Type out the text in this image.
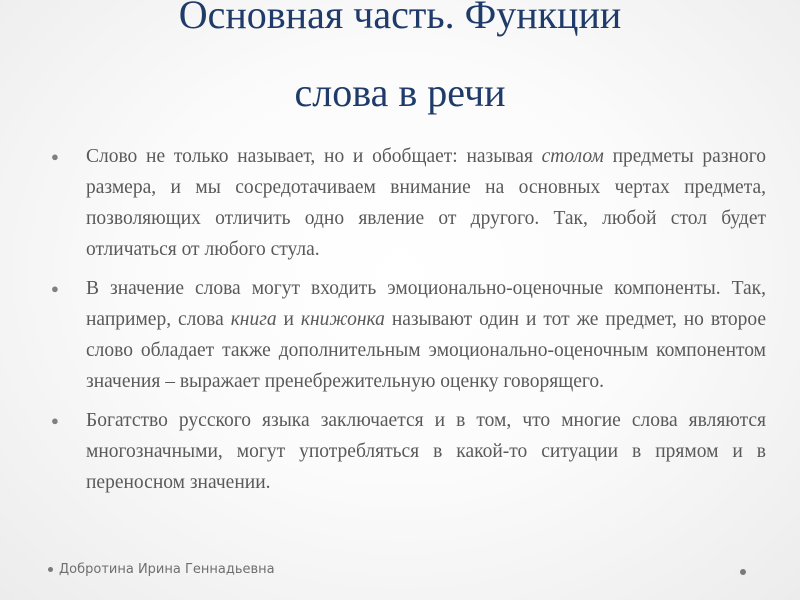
Основная часть. Функции
слова в речи
● Слово не только называет, но и обобщает: называя столом предметы разного размера, и мы сосредотачиваем внимание на основных чертах предмета, позволяющих отличить одно явление от другого. Так, любой стол будет отличаться от любого стула.
● В значение слова могут входить эмоционально-оценочные компоненты. Так, например, слова книга и книжонка называют один и тот же предмет, но второе слово обладает также дополнительным эмоционально-оценочным компонентом значения – выражает пренебрежительную оценку говорящего.
● Богатство русского языка заключается и в том, что многие слова являются многозначными, могут употребляться в какой-то ситуации в прямом и в переносном значении.
Добротина Ирина Геннадьевна
